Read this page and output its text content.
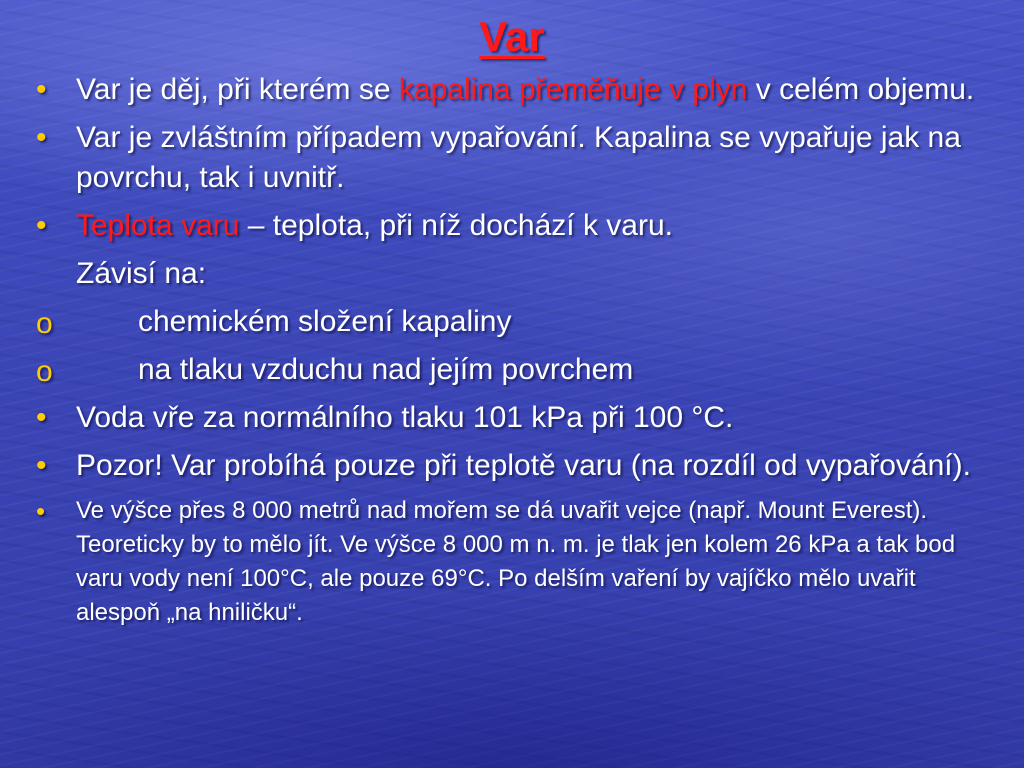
Var
• Var je děj, při kterém se kapalina přeměňuje v plyn v celém objemu.
• Var je zvláštním případem vypařování. Kapalina se vypařuje jak na povrchu, tak i uvnitř.
• Teplota varu – teplota, při níž dochází k varu.
Závisí na:
o	chemickém složení kapaliny
o	na tlaku vzduchu nad jejím povrchem
• Voda vře za normálního tlaku 101 kPa při 100 °C.
• Pozor! Var probíhá pouze při teplotě varu (na rozdíl od vypařování).
• Ve výšce přes 8 000 metrů nad mořem se dá uvařit vejce (např. Mount Everest). Teoreticky by to mělo jít. Ve výšce 8 000 m n. m. je tlak jen kolem 26 kPa a tak bod varu vody není 100°C, ale pouze 69°C. Po delším vaření by vajíčko mělo uvařit alespoň „na hniličku“.
